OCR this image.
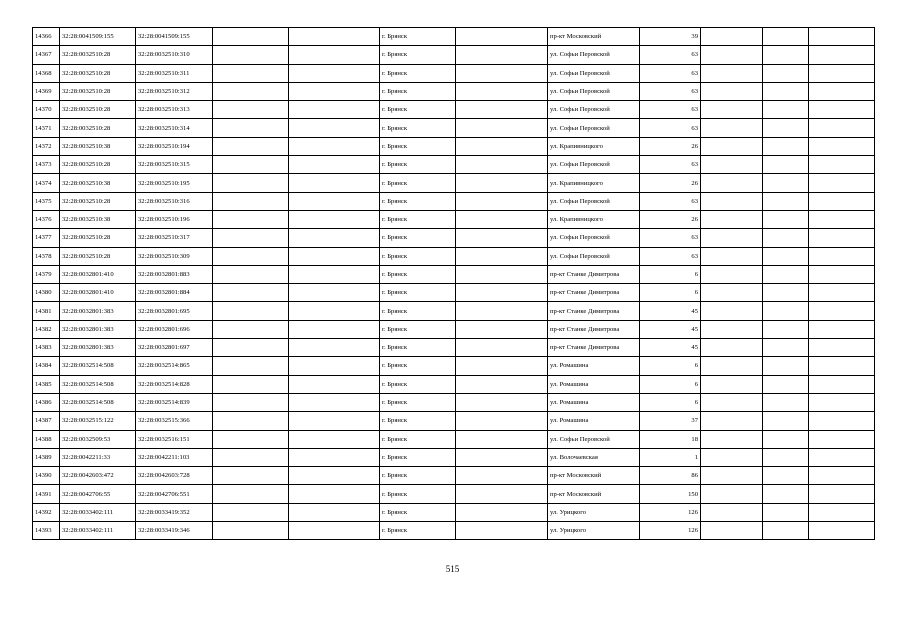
14366	32:28:0041509:155	32:28:0041509:155			г. Брянск		пр-кт Московский	39			
14367	32:28:0032510:28	32:28:0032510:310			г. Брянск		ул. Софьи Перовской	63			
14368	32:28:0032510:28	32:28:0032510:311			г. Брянск		ул. Софьи Перовской	63			
14369	32:28:0032510:28	32:28:0032510:312			г. Брянск		ул. Софьи Перовской	63			
14370	32:28:0032510:28	32:28:0032510:313			г. Брянск		ул. Софьи Перовской	63			
14371	32:28:0032510:28	32:28:0032510:314			г. Брянск		ул. Софьи Перовской	63			
14372	32:28:0032510:38	32:28:0032510:194			г. Брянск		ул. Крапивницкого	26			
14373	32:28:0032510:28	32:28:0032510:315			г. Брянск		ул. Софьи Перовской	63			
14374	32:28:0032510:38	32:28:0032510:195			г. Брянск		ул. Крапивницкого	26			
14375	32:28:0032510:28	32:28:0032510:316			г. Брянск		ул. Софьи Перовской	63			
14376	32:28:0032510:38	32:28:0032510:196			г. Брянск		ул. Крапивницкого	26			
14377	32:28:0032510:28	32:28:0032510:317			г. Брянск		ул. Софьи Перовской	63			
14378	32:28:0032510:28	32:28:0032510:309			г. Брянск		ул. Софьи Перовской	63			
14379	32:28:0032801:410	32:28:0032801:883			г. Брянск		пр-кт Станке Димитрова	6			
14380	32:28:0032801:410	32:28:0032801:884			г. Брянск		пр-кт Станке Димитрова	6			
14381	32:28:0032801:383	32:28:0032801:695			г. Брянск		пр-кт Станке Димитрова	45			
14382	32:28:0032801:383	32:28:0032801:696			г. Брянск		пр-кт Станке Димитрова	45			
14383	32:28:0032801:383	32:28:0032801:697			г. Брянск		пр-кт Станке Димитрова	45			
14384	32:28:0032514:508	32:28:0032514:865			г. Брянск		ул. Ромашина	6			
14385	32:28:0032514:508	32:28:0032514:828			г. Брянск		ул. Ромашина	6			
14386	32:28:0032514:508	32:28:0032514:839			г. Брянск		ул. Ромашина	6			
14387	32:28:0032515:122	32:28:0032515:366			г. Брянск		ул. Ромашина	37			
14388	32:28:0032509:53	32:28:0032516:151			г. Брянск		ул. Софьи Перовской	18			
14389	32:28:0042211:33	32:28:0042211:103			г. Брянск		ул. Волочаевская	1			
14390	32:28:0042603:472	32:28:0042603:728			г. Брянск		пр-кт Московский	86			
14391	32:28:0042706:55	32:28:0042706:551			г. Брянск		пр-кт Московский	150			
14392	32:28:0033402:111	32:28:0033419:352			г. Брянск		ул. Урицкого	126			
14393	32:28:0033402:111	32:28:0033419:346			г. Брянск		ул. Урицкого	126			
515
